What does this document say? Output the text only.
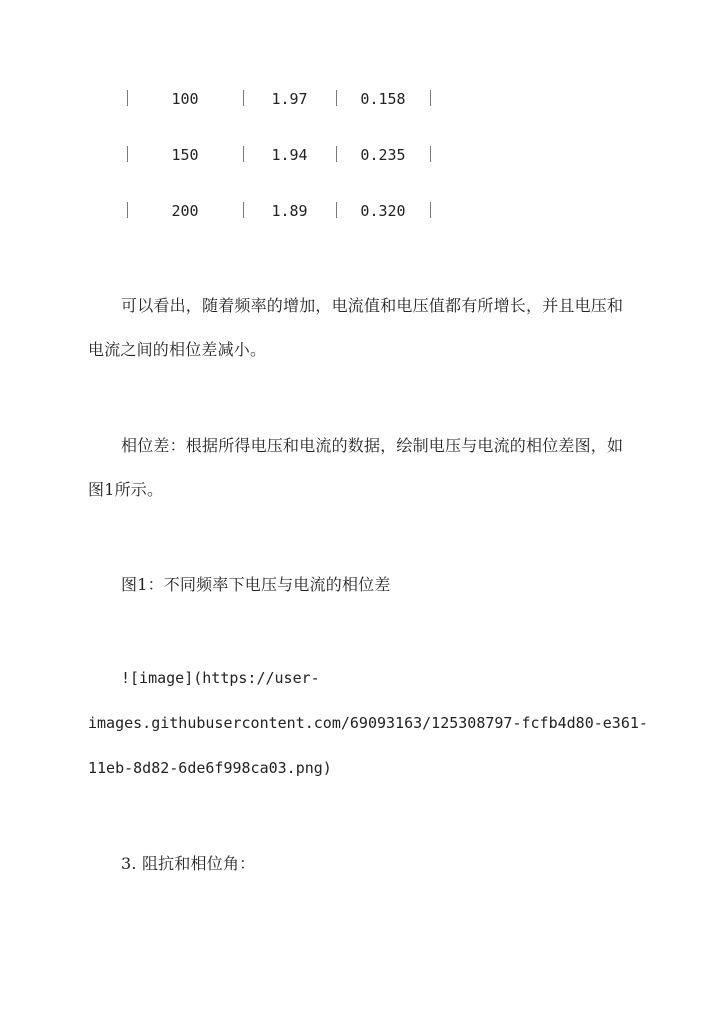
100	1.97	0.158
150	1.94	0.235
200	1.89	0.320

可以看出，随着频率的增加，电流值和电压值都有所增长，并且电压和电流之间的相位差减小。

相位差：根据所得电压和电流的数据，绘制电压与电流的相位差图，如图1所示。

图1：不同频率下电压与电流的相位差

![image](https://user-
images.githubusercontent.com/69093163/125308797-fcfb4d80-e361-
11eb-8d82-6de6f998ca03.png)

3. 阻抗和相位角：
